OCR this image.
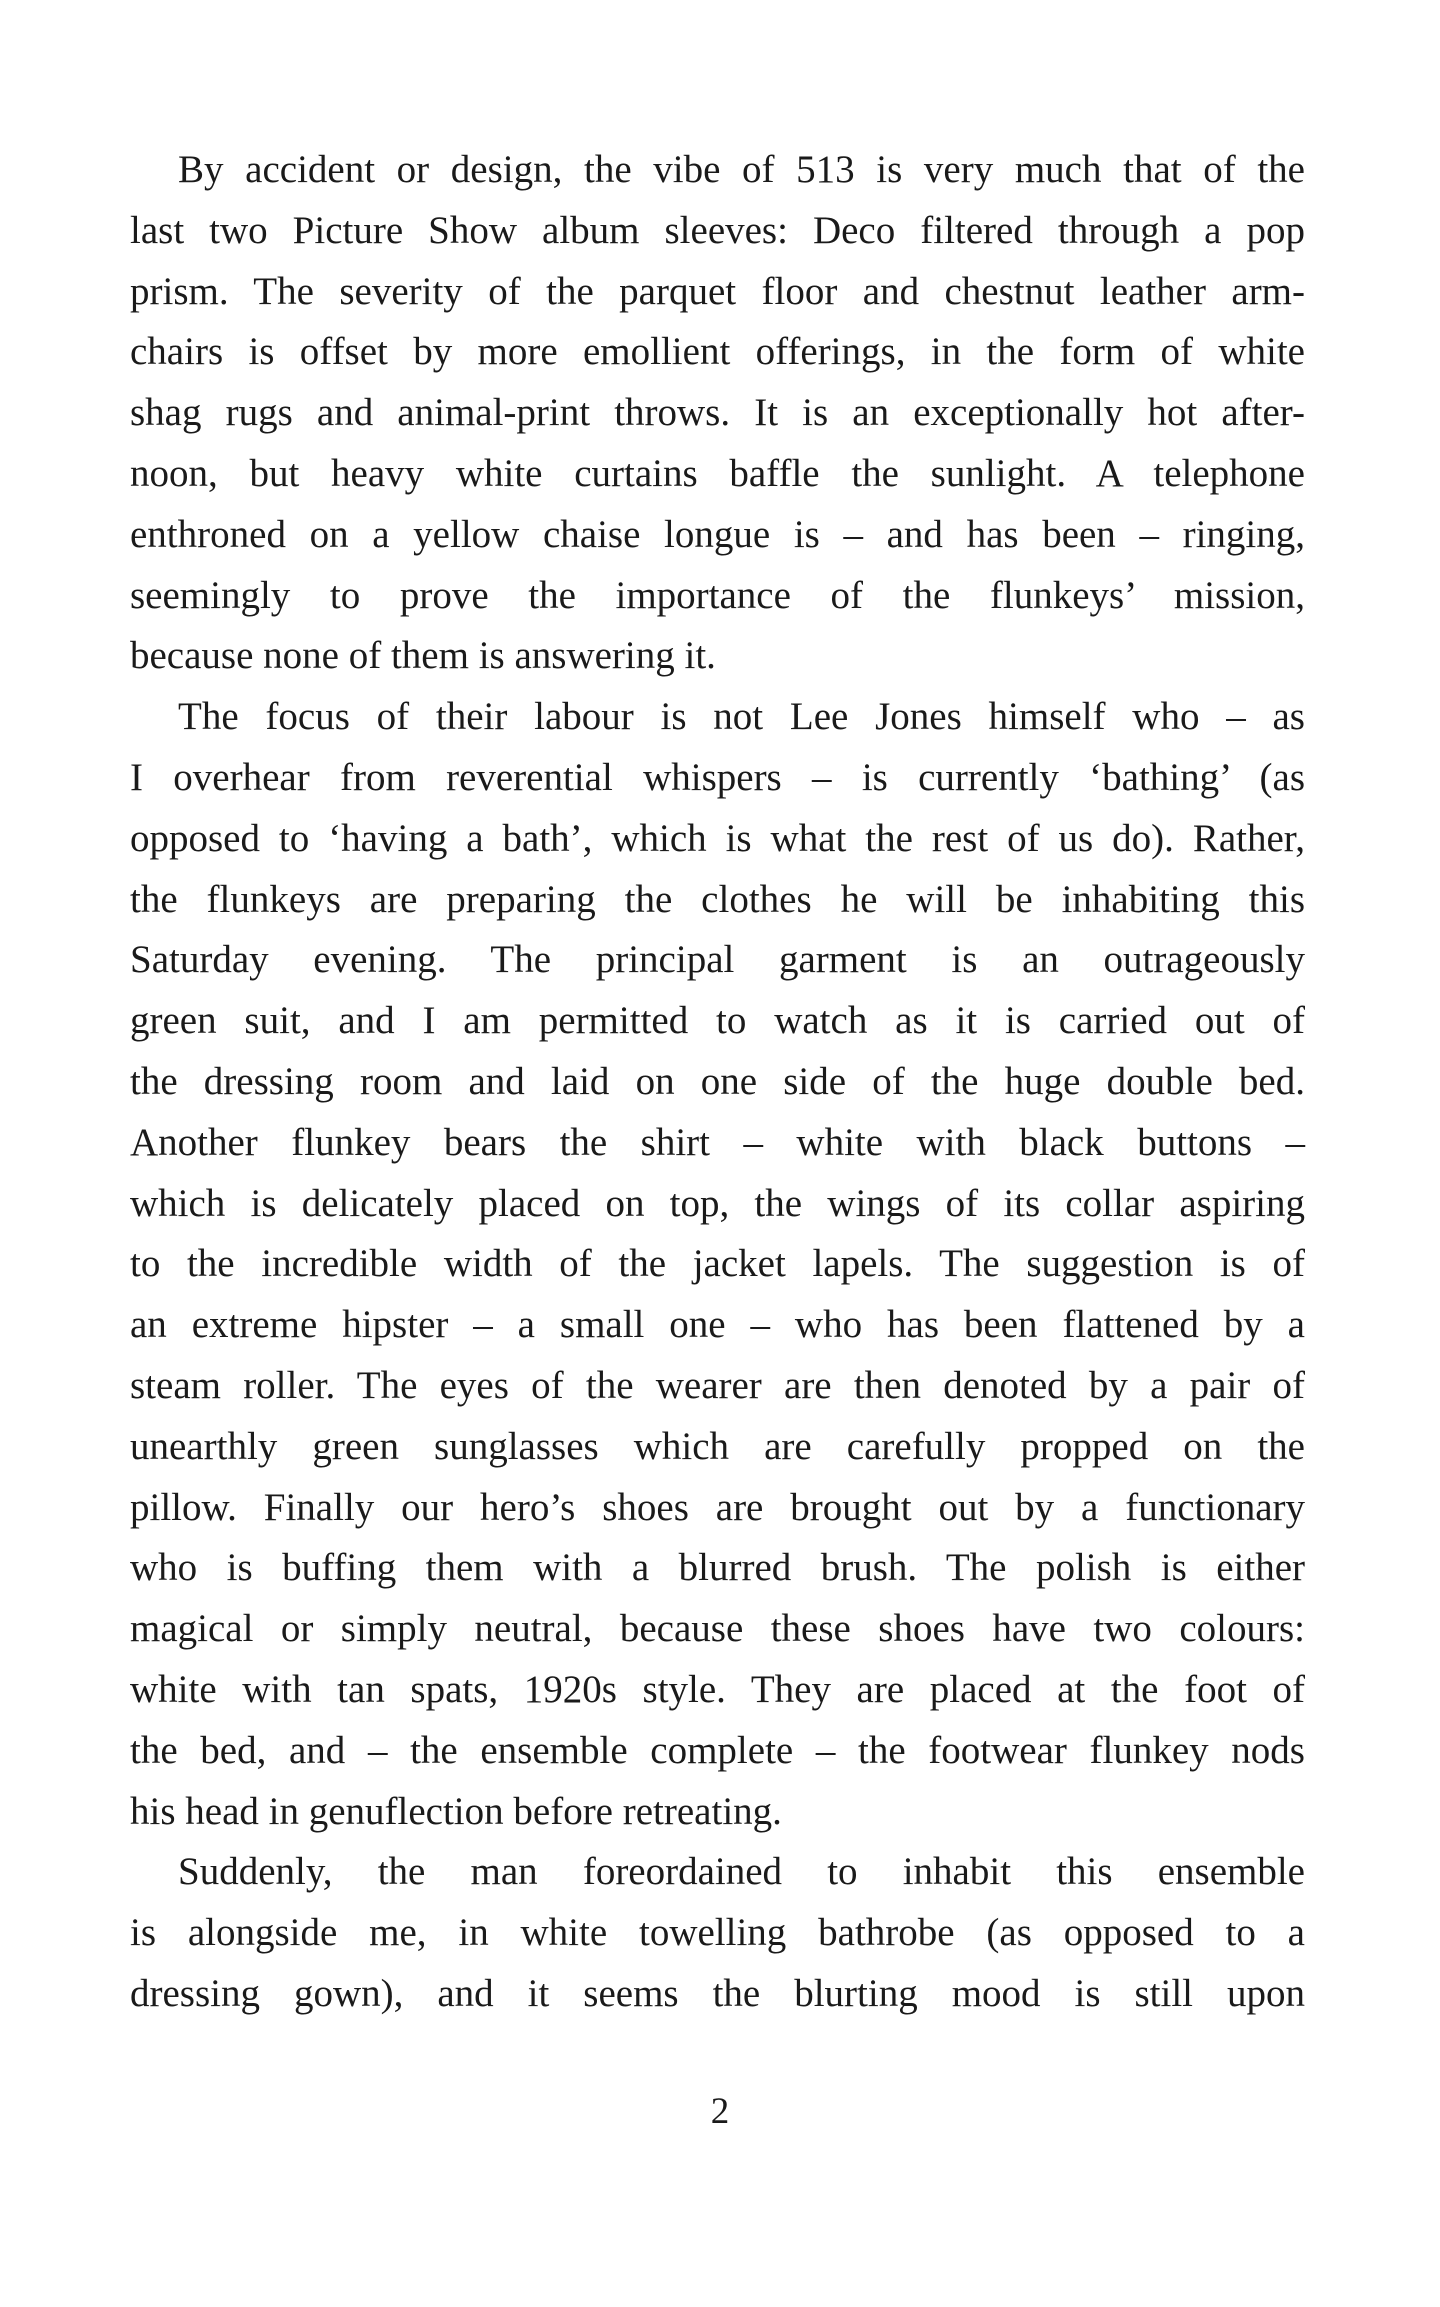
By accident or design, the vibe of 513 is very much that of the
last two Picture Show album sleeves: Deco filtered through a pop
prism. The severity of the parquet floor and chestnut leather arm-
chairs is offset by more emollient offerings, in the form of white
shag rugs and animal-print throws. It is an exceptionally hot after-
noon, but heavy white curtains baffle the sunlight. A telephone
enthroned on a yellow chaise longue is – and has been – ringing,
seemingly to prove the importance of the flunkeys’ mission,
because none of them is answering it.
The focus of their labour is not Lee Jones himself who – as
I overhear from reverential whispers – is currently ‘bathing’ (as
opposed to ‘having a bath’, which is what the rest of us do). Rather,
the flunkeys are preparing the clothes he will be inhabiting this
Saturday evening. The principal garment is an outrageously
green suit, and I am permitted to watch as it is carried out of
the dressing room and laid on one side of the huge double bed.
Another flunkey bears the shirt – white with black buttons –
which is delicately placed on top, the wings of its collar aspiring
to the incredible width of the jacket lapels. The suggestion is of
an extreme hipster – a small one – who has been flattened by a
steam roller. The eyes of the wearer are then denoted by a pair of
unearthly green sunglasses which are carefully propped on the
pillow. Finally our hero’s shoes are brought out by a functionary
who is buffing them with a blurred brush. The polish is either
magical or simply neutral, because these shoes have two colours:
white with tan spats, 1920s style. They are placed at the foot of
the bed, and – the ensemble complete – the footwear flunkey nods
his head in genuflection before retreating.
Suddenly, the man foreordained to inhabit this ensemble
is alongside me, in white towelling bathrobe (as opposed to a
dressing gown), and it seems the blurting mood is still upon
2
